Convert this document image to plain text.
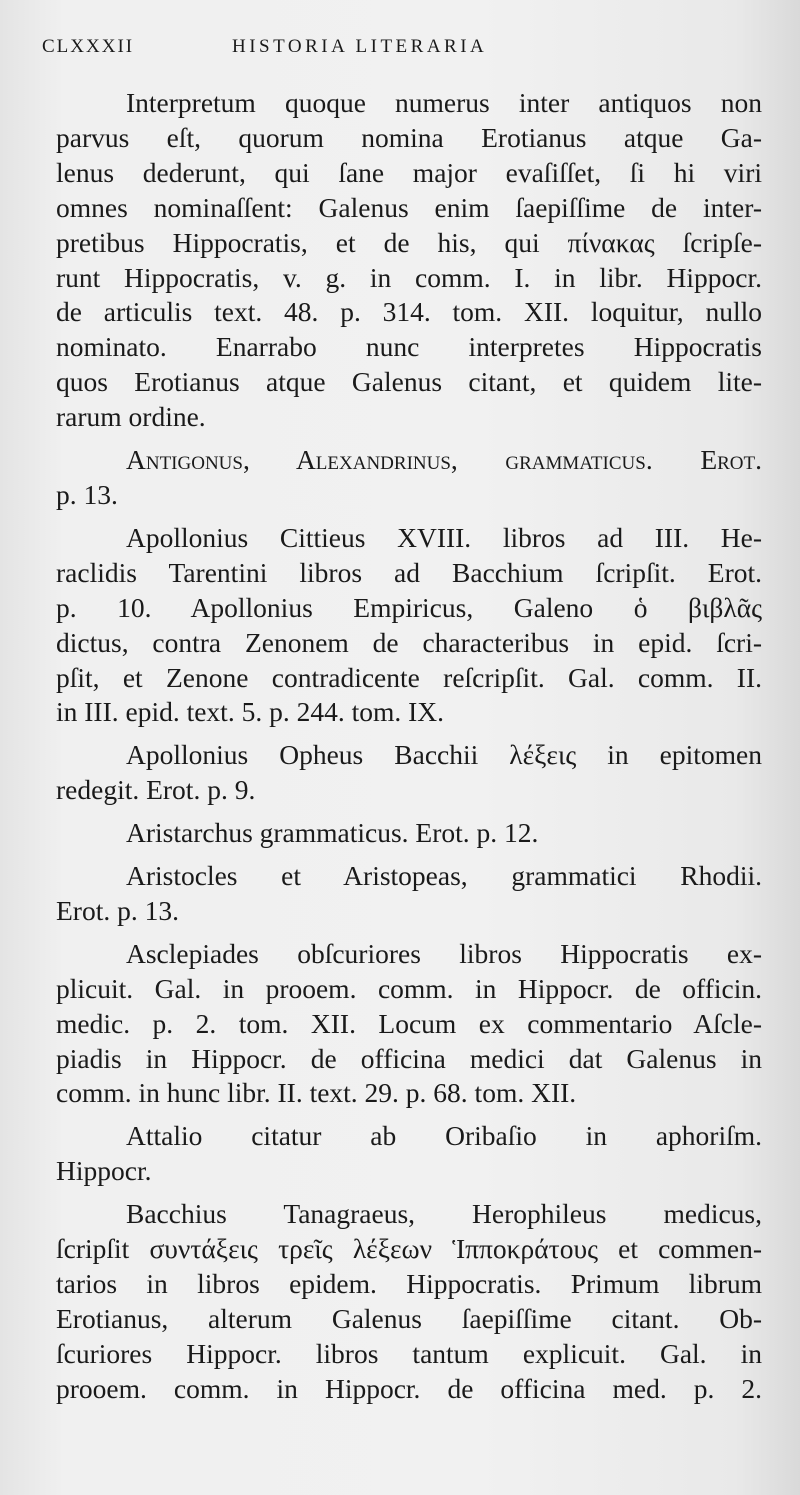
CLXXXII	HISTORIA LITERARIA
Interpretum quoque numerus inter antiquos non
parvus eſt, quorum nomina Erotianus atque Ga-
lenus dederunt, qui ſane major evaſiſſet, ſi hi viri
omnes nominaſſent: Galenus enim ſaepiſſime de inter-
pretibus Hippocratis, et de his, qui πίνακας ſcripſe-
runt Hippocratis, v. g. in comm. I. in libr. Hippocr.
de articulis text. 48. p. 314. tom. XII. loquitur, nullo
nominato. Enarrabo nunc interpretes Hippocratis
quos Erotianus atque Galenus citant, et quidem lite-
rarum ordine.
Antigonus, Alexandrinus, grammaticus. Erot.
p. 13.
Apollonius Cittieus XVIII. libros ad III. He-
raclidis Tarentini libros ad Bacchium ſcripſit. Erot.
p. 10. Apollonius Empiricus, Galeno ὁ βιβλᾶς
dictus, contra Zenonem de characteribus in epid. ſcri-
pſit, et Zenone contradicente reſcripſit. Gal. comm. II.
in III. epid. text. 5. p. 244. tom. IX.
Apollonius Opheus Bacchii λέξεις in epitomen
redegit. Erot. p. 9.
Aristarchus grammaticus. Erot. p. 12.
Aristocles et Aristopeas, grammatici Rhodii.
Erot. p. 13.
Asclepiades obſcuriores libros Hippocratis ex-
plicuit. Gal. in prooem. comm. in Hippocr. de officin.
medic. p. 2. tom. XII. Locum ex commentario Aſcle-
piadis in Hippocr. de officina medici dat Galenus in
comm. in hunc libr. II. text. 29. p. 68. tom. XII.
Attalio citatur ab Oribaſio in aphoriſm.
Hippocr.
Bacchius Tanagraeus, Herophileus medicus,
ſcripſit συντάξεις τρεῖς λέξεων Ἱπποκράτους et commen-
tarios in libros epidem. Hippocratis. Primum librum
Erotianus, alterum Galenus ſaepiſſime citant. Ob-
ſcuriores Hippocr. libros tantum explicuit. Gal. in
prooem. comm. in Hippocr. de officina med. p. 2.
